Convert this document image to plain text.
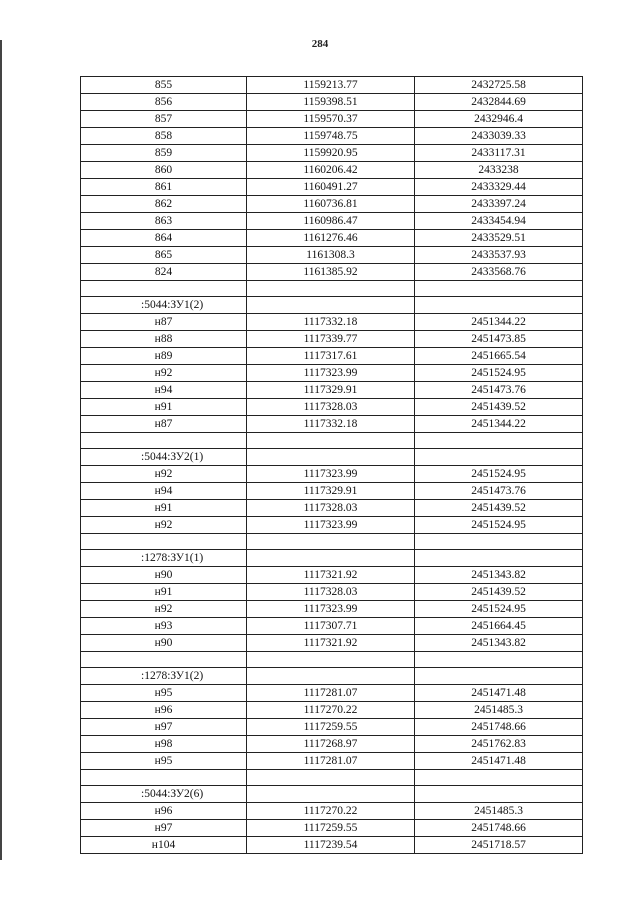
284
855	1159213.77	2432725.58
856	1159398.51	2432844.69
857	1159570.37	2432946.4
858	1159748.75	2433039.33
859	1159920.95	2433117.31
860	1160206.42	2433238
861	1160491.27	2433329.44
862	1160736.81	2433397.24
863	1160986.47	2433454.94
864	1161276.46	2433529.51
865	1161308.3	2433537.93
824	1161385.92	2433568.76

:5044:ЗУ1(2)		
н87	1117332.18	2451344.22
н88	1117339.77	2451473.85
н89	1117317.61	2451665.54
н92	1117323.99	2451524.95
н94	1117329.91	2451473.76
н91	1117328.03	2451439.52
н87	1117332.18	2451344.22

:5044:ЗУ2(1)		
н92	1117323.99	2451524.95
н94	1117329.91	2451473.76
н91	1117328.03	2451439.52
н92	1117323.99	2451524.95

:1278:ЗУ1(1)		
н90	1117321.92	2451343.82
н91	1117328.03	2451439.52
н92	1117323.99	2451524.95
н93	1117307.71	2451664.45
н90	1117321.92	2451343.82

:1278:ЗУ1(2)		
н95	1117281.07	2451471.48
н96	1117270.22	2451485.3
н97	1117259.55	2451748.66
н98	1117268.97	2451762.83
н95	1117281.07	2451471.48

:5044:ЗУ2(6)		
н96	1117270.22	2451485.3
н97	1117259.55	2451748.66
н104	1117239.54	2451718.57
